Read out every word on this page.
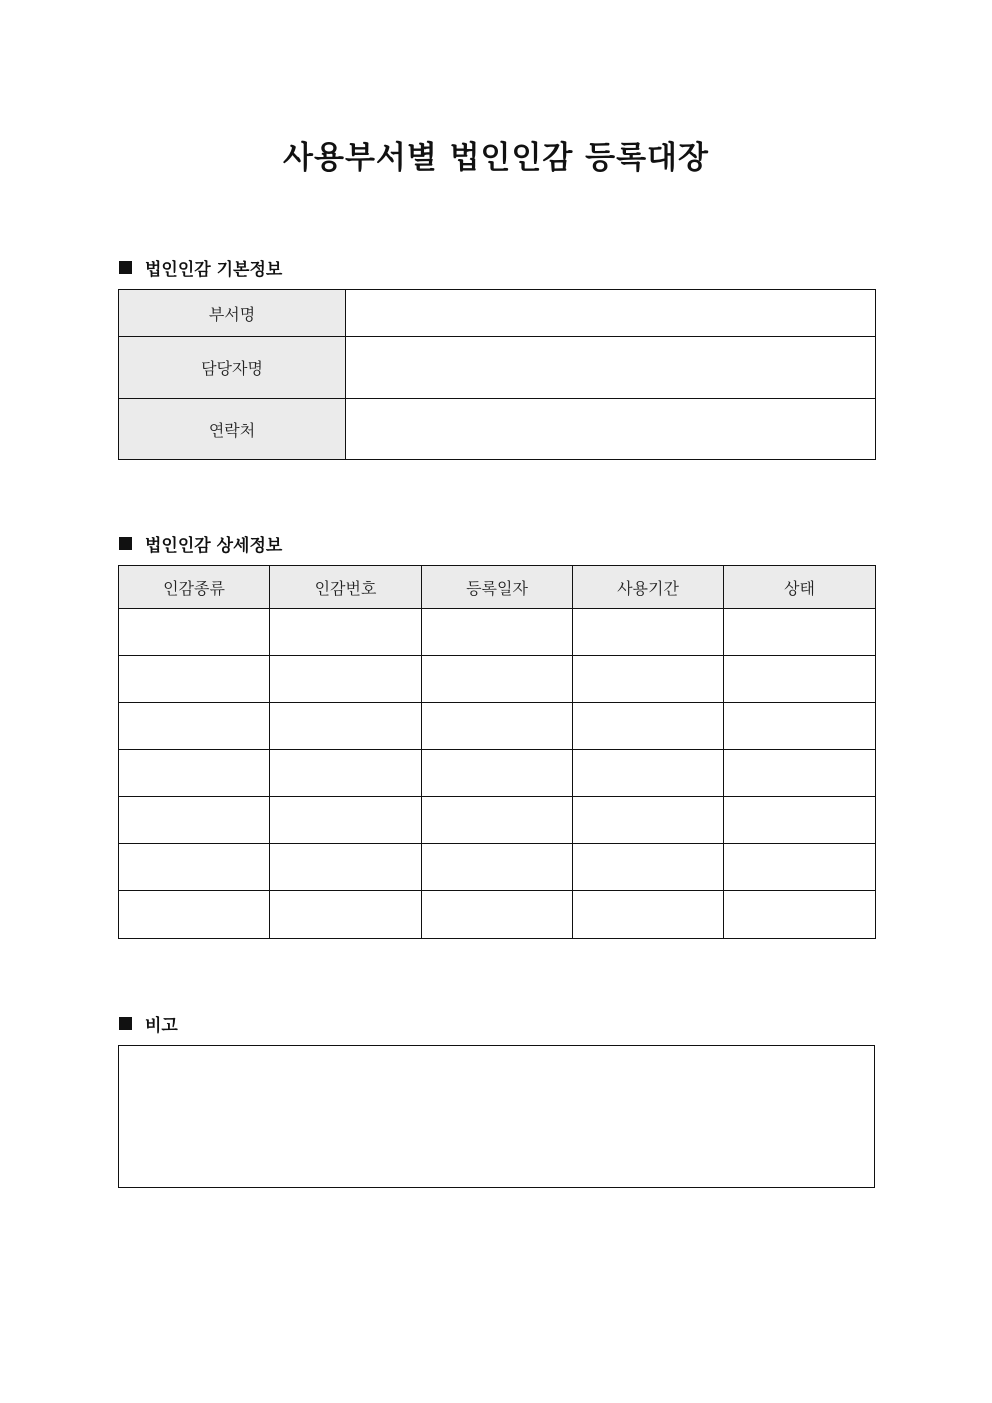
사용부서별 법인인감 등록대장
법인인감 기본정보
부서명	
담당자명	
연락처	
법인인감 상세정보
인감종류	인감번호	등록일자	사용기간	상태

비고
